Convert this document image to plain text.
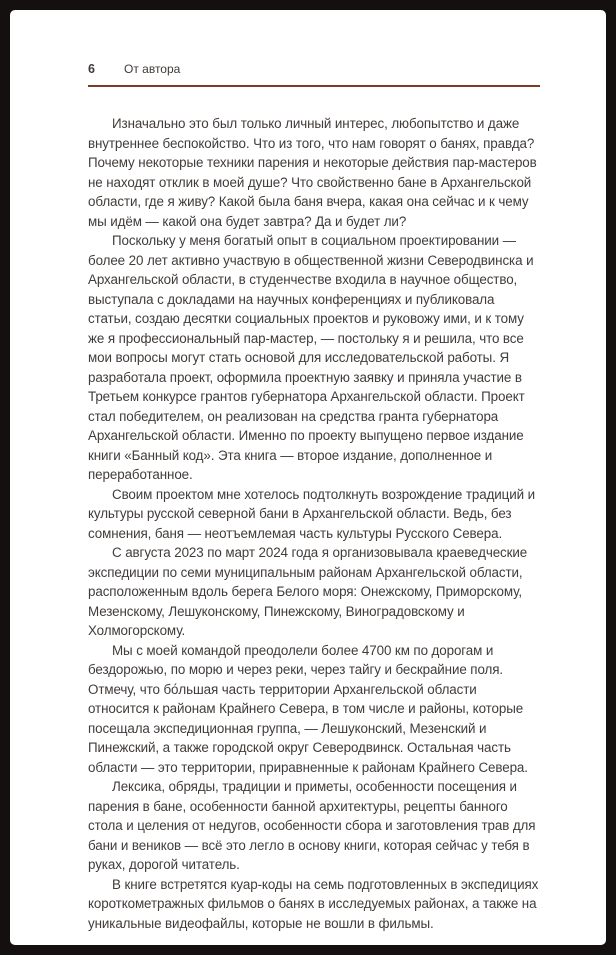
6	От автора

Изначально это был только личный интерес, любопытство и даже внутреннее беспокойство. Что из того, что нам говорят о банях, правда? Почему некоторые техники парения и некоторые действия пар-мастеров не находят отклик в моей душе? Что свойственно бане в Архангельской области, где я живу? Какой была баня вчера, какая она сейчас и к чему мы идём — какой она будет завтра? Да и будет ли?

Поскольку у меня богатый опыт в социальном проектировании — более 20 лет активно участвую в общественной жизни Северодвинска и Архангельской области, в студенчестве входила в научное общество, выступала с докладами на научных конференциях и публиковала статьи, создаю десятки социальных проектов и руковожу ими, и к тому же я профессиональный пар-мастер, — постольку я и решила, что все мои вопросы могут стать основой для исследовательской работы. Я разработала проект, оформила проектную заявку и приняла участие в Третьем конкурсе грантов губернатора Архангельской области. Проект стал победителем, он реализован на средства гранта губернатора Архангельской области. Именно по проекту выпущено первое издание книги «Банный код». Эта книга — второе издание, дополненное и переработанное.

Своим проектом мне хотелось подтолкнуть возрождение традиций и культуры русской северной бани в Архангельской области. Ведь, без сомнения, баня — неотъемлемая часть культуры Русского Севера.

С августа 2023 по март 2024 года я организовывала краеведческие экспедиции по семи муниципальным районам Архангельской области, расположенным вдоль берега Белого моря: Онежскому, Приморскому, Мезенскому, Лешуконскому, Пинежскому, Виноградовскому и Холмогорскому.

Мы с моей командой преодолели более 4700 км по дорогам и бездорожью, по морю и через реки, через тайгу и бескрайние поля. Отмечу, что бо́льшая часть территории Архангельской области относится к районам Крайнего Севера, в том числе и районы, которые посещала экспедиционная группа, — Лешуконский, Мезенский и Пинежский, а также городской округ Северодвинск. Остальная часть области — это территории, приравненные к районам Крайнего Севера.

Лексика, обряды, традиции и приметы, особенности посещения и парения в бане, особенности банной архитектуры, рецепты банного стола и целения от недугов, особенности сбора и заготовления трав для бани и веников — всё это легло в основу книги, которая сейчас у тебя в руках, дорогой читатель.

В книге встретятся куар-коды на семь подготовленных в экспедициях короткометражных фильмов о банях в исследуемых районах, а также на уникальные видеофайлы, которые не вошли в фильмы.
